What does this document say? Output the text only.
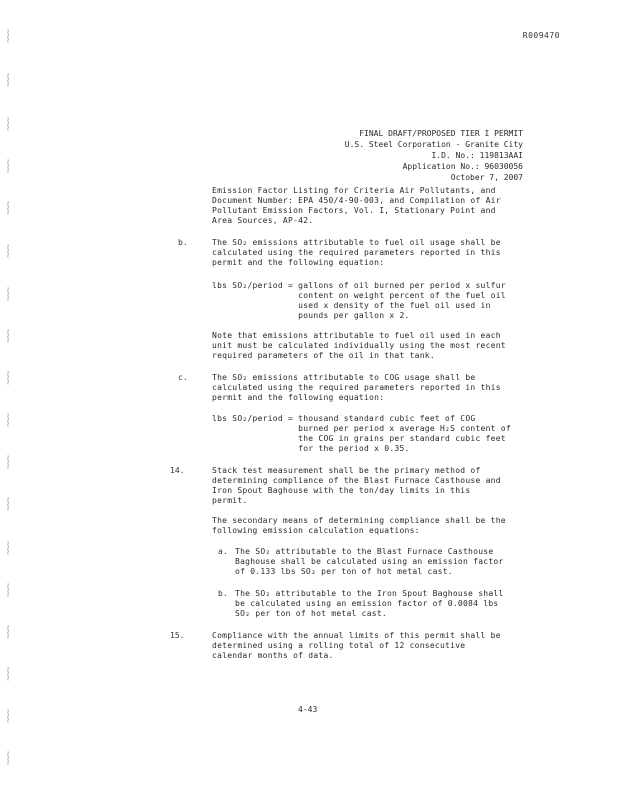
~~~
~~~
~~~
~~~
~~~
~~~
~~~
~~~
~~~
~~~
~~~
~~~
~~~
~~~
~~~
~~~
~~~
~~~
R009470
FINAL DRAFT/PROPOSED TIER I PERMIT
U.S. Steel Corporation - Granite City
I.D. No.: 119813AAI
Application No.: 96030056
October 7, 2007
Emission Factor Listing for Criteria Air Pollutants, and
Document Number: EPA 450/4-90-003, and Compilation of Air
Pollutant Emission Factors, Vol. I, Stationary Point and
Area Sources, AP-42.
b.	The SO₂ emissions attributable to fuel oil usage shall be
calculated using the required parameters reported in this
permit and the following equation:
lbs SO₂/period = gallons of oil burned per period x sulfur
content on weight percent of the fuel oil
used x density of the fuel oil used in
pounds per gallon x 2.
Note that emissions attributable to fuel oil used in each
unit must be calculated individually using the most recent
required parameters of the oil in that tank.
c.	The SO₂ emissions attributable to COG usage shall be
calculated using the required parameters reported in this
permit and the following equation:
lbs SO₂/period = thousand standard cubic feet of COG
burned per period x average H₂S content of
the COG in grains per standard cubic feet
for the period x 0.35.
14.	Stack test measurement shall be the primary method of
determining compliance of the Blast Furnace Casthouse and
Iron Spout Baghouse with the ton/day limits in this
permit.
The secondary means of determining compliance shall be the
following emission calculation equations:
a. The SO₂ attributable to the Blast Furnace Casthouse
Baghouse shall be calculated using an emission factor
of 0.133 lbs SO₂ per ton of hot metal cast.
b. The SO₂ attributable to the Iron Spout Baghouse shall
be calculated using an emission factor of 0.0084 lbs
SO₂ per ton of hot metal cast.
15.	Compliance with the annual limits of this permit shall be
determined using a rolling total of 12 consecutive
calendar months of data.
4-43
